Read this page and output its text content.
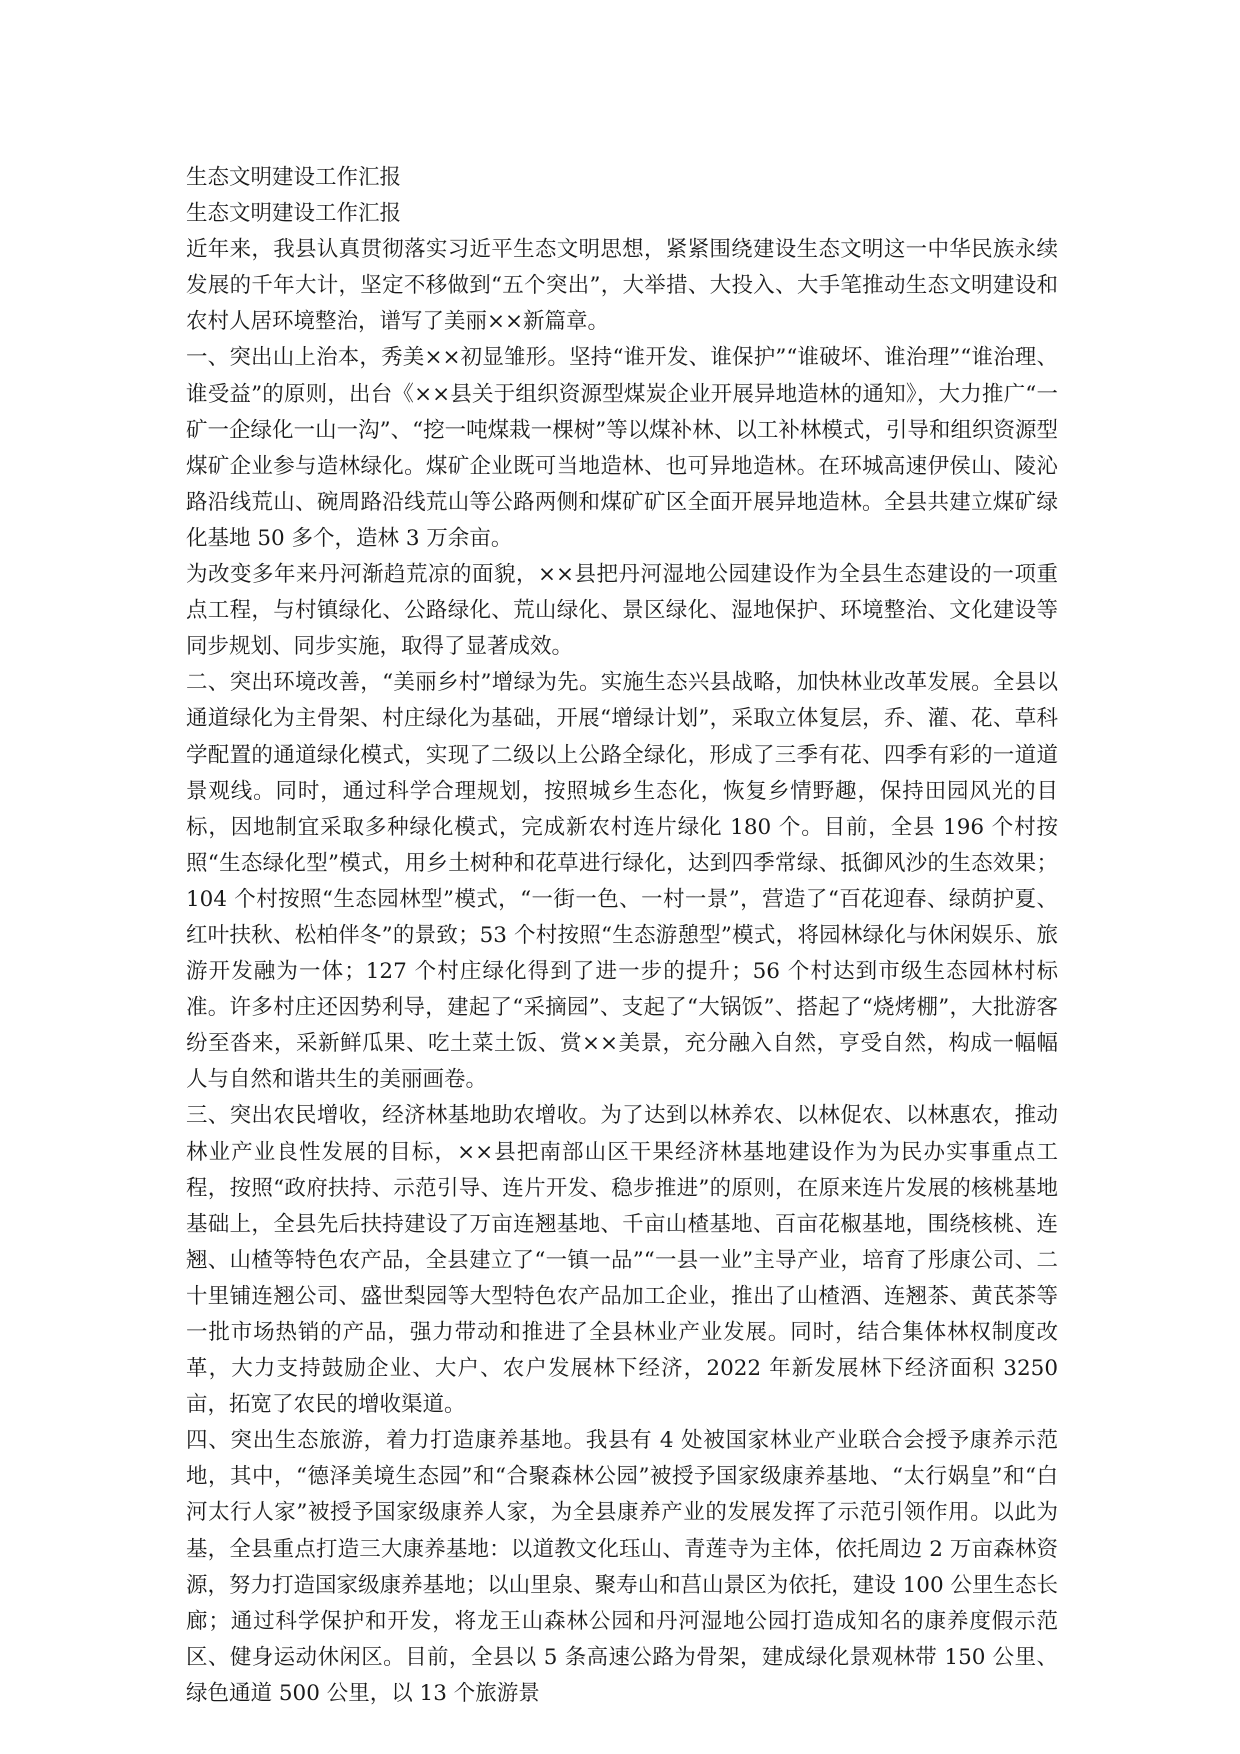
生态文明建设工作汇报

生态文明建设工作汇报

近年来，我县认真贯彻落实习近平生态文明思想，紧紧围绕建设生态文明这一中华民族永续发展的千年大计，坚定不移做到“五个突出”，大举措、大投入、大手笔推动生态文明建设和农村人居环境整治，谱写了美丽××新篇章。

一、突出山上治本，秀美××初显雏形。坚持“谁开发、谁保护”“谁破坏、谁治理”“谁治理、谁受益”的原则，出台《××县关于组织资源型煤炭企业开展异地造林的通知》，大力推广“一矿一企绿化一山一沟”、“挖一吨煤栽一棵树”等以煤补林、以工补林模式，引导和组织资源型煤矿企业参与造林绿化。煤矿企业既可当地造林、也可异地造林。在环城高速伊侯山、陵沁路沿线荒山、碗周路沿线荒山等公路两侧和煤矿矿区全面开展异地造林。全县共建立煤矿绿化基地 50 多个，造林 3 万余亩。

为改变多年来丹河渐趋荒凉的面貌，××县把丹河湿地公园建设作为全县生态建设的一项重点工程，与村镇绿化、公路绿化、荒山绿化、景区绿化、湿地保护、环境整治、文化建设等同步规划、同步实施，取得了显著成效。

二、突出环境改善，“美丽乡村”增绿为先。实施生态兴县战略，加快林业改革发展。全县以通道绿化为主骨架、村庄绿化为基础，开展“增绿计划”，采取立体复层，乔、灌、花、草科学配置的通道绿化模式，实现了二级以上公路全绿化，形成了三季有花、四季有彩的一道道景观线。同时，通过科学合理规划，按照城乡生态化，恢复乡情野趣，保持田园风光的目标，因地制宜采取多种绿化模式，完成新农村连片绿化 180 个。目前，全县 196 个村按照“生态绿化型”模式，用乡土树种和花草进行绿化，达到四季常绿、抵御风沙的生态效果；104 个村按照“生态园林型”模式，“一街一色、一村一景”，营造了“百花迎春、绿荫护夏、红叶扶秋、松柏伴冬”的景致；53 个村按照“生态游憩型”模式，将园林绿化与休闲娱乐、旅游开发融为一体；127 个村庄绿化得到了进一步的提升；56 个村达到市级生态园林村标准。许多村庄还因势利导，建起了“采摘园”、支起了“大锅饭”、搭起了“烧烤棚”，大批游客纷至沓来，采新鲜瓜果、吃土菜土饭、赏××美景，充分融入自然，亨受自然，构成一幅幅人与自然和谐共生的美丽画卷。

三、突出农民增收，经济林基地助农增收。为了达到以林养农、以林促农、以林惠农，推动林业产业良性发展的目标，××县把南部山区干果经济林基地建设作为为民办实事重点工程，按照“政府扶持、示范引导、连片开发、稳步推进”的原则，在原来连片发展的核桃基地基础上，全县先后扶持建设了万亩连翘基地、千亩山楂基地、百亩花椒基地，围绕核桃、连翘、山楂等特色农产品，全县建立了“一镇一品”“一县一业”主导产业，培育了彤康公司、二十里铺连翘公司、盛世梨园等大型特色农产品加工企业，推出了山楂酒、连翘茶、黄芪茶等一批市场热销的产品，强力带动和推进了全县林业产业发展。同时，结合集体林权制度改革，大力支持鼓励企业、大户、农户发展林下经济，2022 年新发展林下经济面积 3250 亩，拓宽了农民的增收渠道。

四、突出生态旅游，着力打造康养基地。我县有 4 处被国家林业产业联合会授予康养示范地，其中，“德泽美境生态园”和“合聚森林公园”被授予国家级康养基地、“太行娲皇”和“白河太行人家”被授予国家级康养人家，为全县康养产业的发展发挥了示范引领作用。以此为基，全县重点打造三大康养基地：以道教文化珏山、青莲寺为主体，依托周边 2 万亩森林资源，努力打造国家级康养基地；以山里泉、聚寿山和莒山景区为依托，建设 100 公里生态长廊；通过科学保护和开发，将龙王山森林公园和丹河湿地公园打造成知名的康养度假示范区、健身运动休闲区。目前，全县以 5 条高速公路为骨架，建成绿化景观林带 150 公里、绿色通道 500 公里，以 13 个旅游景
